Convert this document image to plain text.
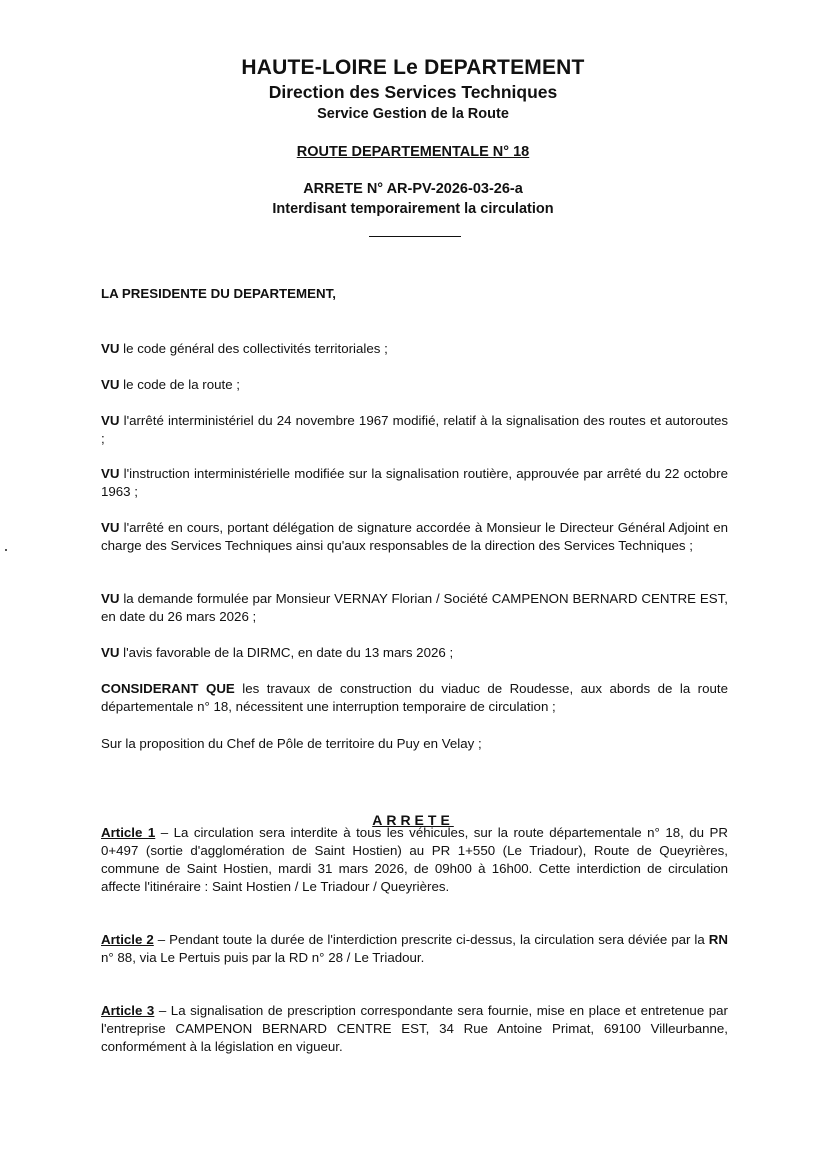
HAUTE-LOIRE Le DEPARTEMENT

Direction des Services Techniques

Service Gestion de la Route

ROUTE DEPARTEMENTALE N° 18

ARRETE N° AR-PV-2026-03-26-a

Interdisant temporairement la circulation

LA PRESIDENTE DU DEPARTEMENT,

VU le code général des collectivités territoriales ;

VU le code de la route ;

VU l'arrêté interministériel du 24 novembre 1967 modifié, relatif à la signalisation des routes et autoroutes ;

VU l'instruction interministérielle modifiée sur la signalisation routière, approuvée par arrêté du 22 octobre 1963 ;

VU l'arrêté en cours, portant délégation de signature accordée à Monsieur le Directeur Général Adjoint en charge des Services Techniques ainsi qu'aux responsables de la direction des Services Techniques ;

VU la demande formulée par Monsieur VERNAY Florian / Société CAMPENON BERNARD CENTRE EST, en date du 26 mars 2026 ;

VU l'avis favorable de la DIRMC, en date du 13 mars 2026 ;

CONSIDERANT QUE les travaux de construction du viaduc de Roudesse, aux abords de la route départementale n° 18, nécessitent une interruption temporaire de circulation ;

Sur la proposition du Chef de Pôle de territoire du Puy en Velay ;

ARRETE

Article 1 – La circulation sera interdite à tous les véhicules, sur la route départementale n° 18, du PR 0+497 (sortie d'agglomération de Saint Hostien) au PR 1+550 (Le Triadour), Route de Queyrières, commune de Saint Hostien, mardi 31 mars 2026, de 09h00 à 16h00. Cette interdiction de circulation affecte l'itinéraire : Saint Hostien / Le Triadour / Queyrières.

Article 2 – Pendant toute la durée de l'interdiction prescrite ci-dessus, la circulation sera déviée par la RN n° 88, via Le Pertuis puis par la RD n° 28 / Le Triadour.

Article 3 – La signalisation de prescription correspondante sera fournie, mise en place et entretenue par l'entreprise CAMPENON BERNARD CENTRE EST, 34 Rue Antoine Primat, 69100 Villeurbanne, conformément à la législation en vigueur.
